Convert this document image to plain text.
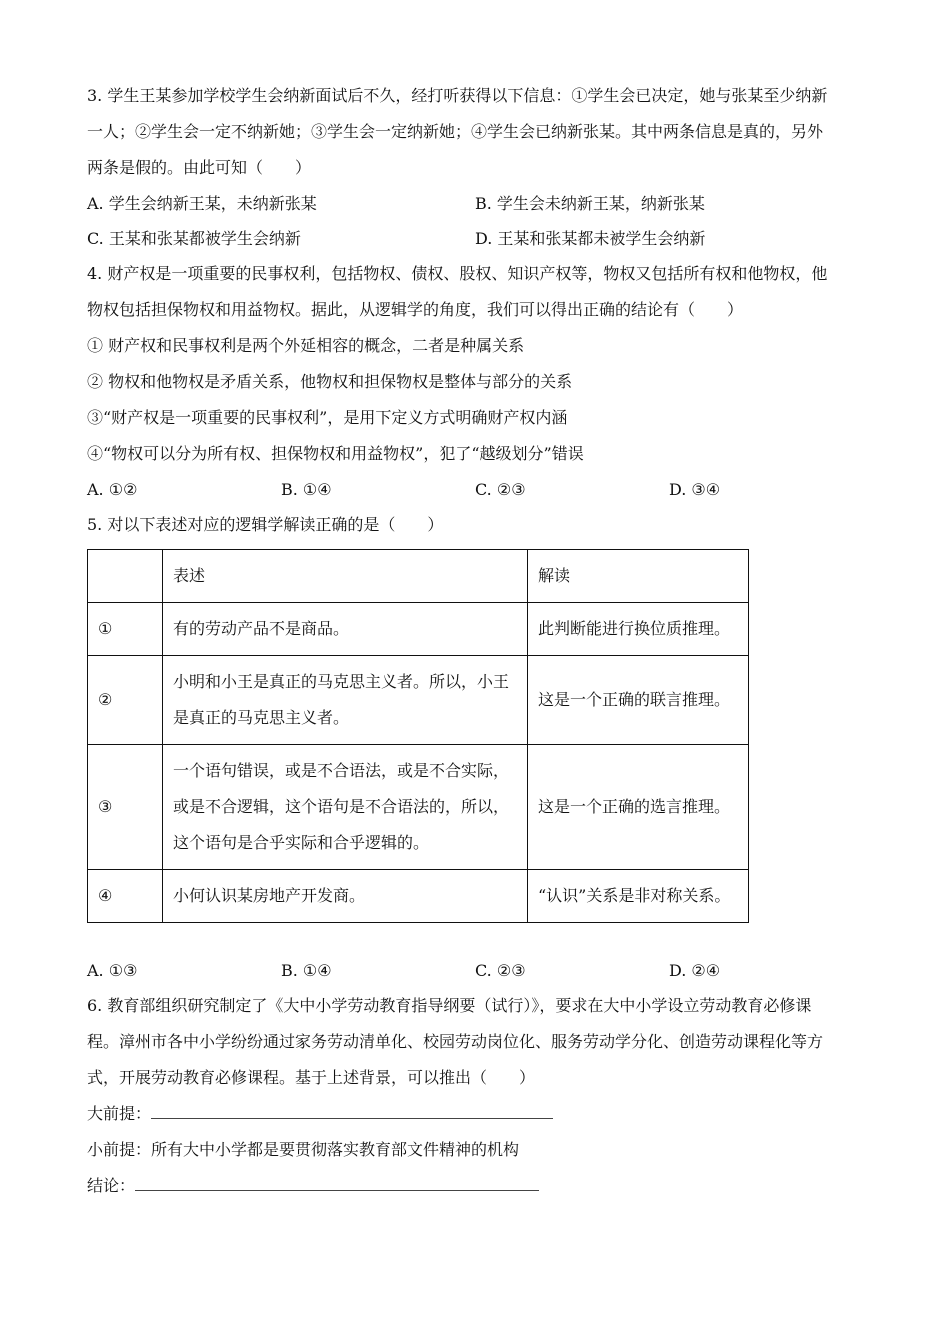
3. 学生王某参加学校学生会纳新面试后不久，经打听获得以下信息：①学生会已决定，她与张某至少纳新

一人；②学生会一定不纳新她；③学生会一定纳新她；④学生会已纳新张某。其中两条信息是真的，另外

两条是假的。由此可知（　　）

A. 学生会纳新王某，未纳新张某	B. 学生会未纳新王某，纳新张某
C. 王某和张某都被学生会纳新	D. 王某和张某都未被学生会纳新

4. 财产权是一项重要的民事权利，包括物权、债权、股权、知识产权等，物权又包括所有权和他物权，他

物权包括担保物权和用益物权。据此，从逻辑学的角度，我们可以得出正确的结论有（　　）

① 财产权和民事权利是两个外延相容的概念，二者是种属关系

② 物权和他物权是矛盾关系，他物权和担保物权是整体与部分的关系

③“财产权是一项重要的民事权利”，是用下定义方式明确财产权内涵

④“物权可以分为所有权、担保物权和用益物权”，犯了“越级划分”错误

A. ①②	B. ①④	C. ②③	D. ③④

5. 对以下表述对应的逻辑学解读正确的是（　　）

	表述	解读
①	有的劳动产品不是商品。	此判断能进行换位质推理。
②	小明和小王是真正的马克思主义者。所以，小王是真正的马克思主义者。	这是一个正确的联言推理。
③	一个语句错误，或是不合语法，或是不合实际，或是不合逻辑，这个语句是不合语法的，所以，这个语句是合乎实际和合乎逻辑的。	这是一个正确的选言推理。
④	小何认识某房地产开发商。	“认识”关系是非对称关系。
A. ①③	B. ①④	C. ②③	D. ②④

6. 教育部组织研究制定了《大中小学劳动教育指导纲要（试行）》，要求在大中小学设立劳动教育必修课

程。漳州市各中小学纷纷通过家务劳动清单化、校园劳动岗位化、服务劳动学分化、创造劳动课程化等方

式，开展劳动教育必修课程。基于上述背景，可以推出（　　）

大前提：

小前提：所有大中小学都是要贯彻落实教育部文件精神的机构

结论：
